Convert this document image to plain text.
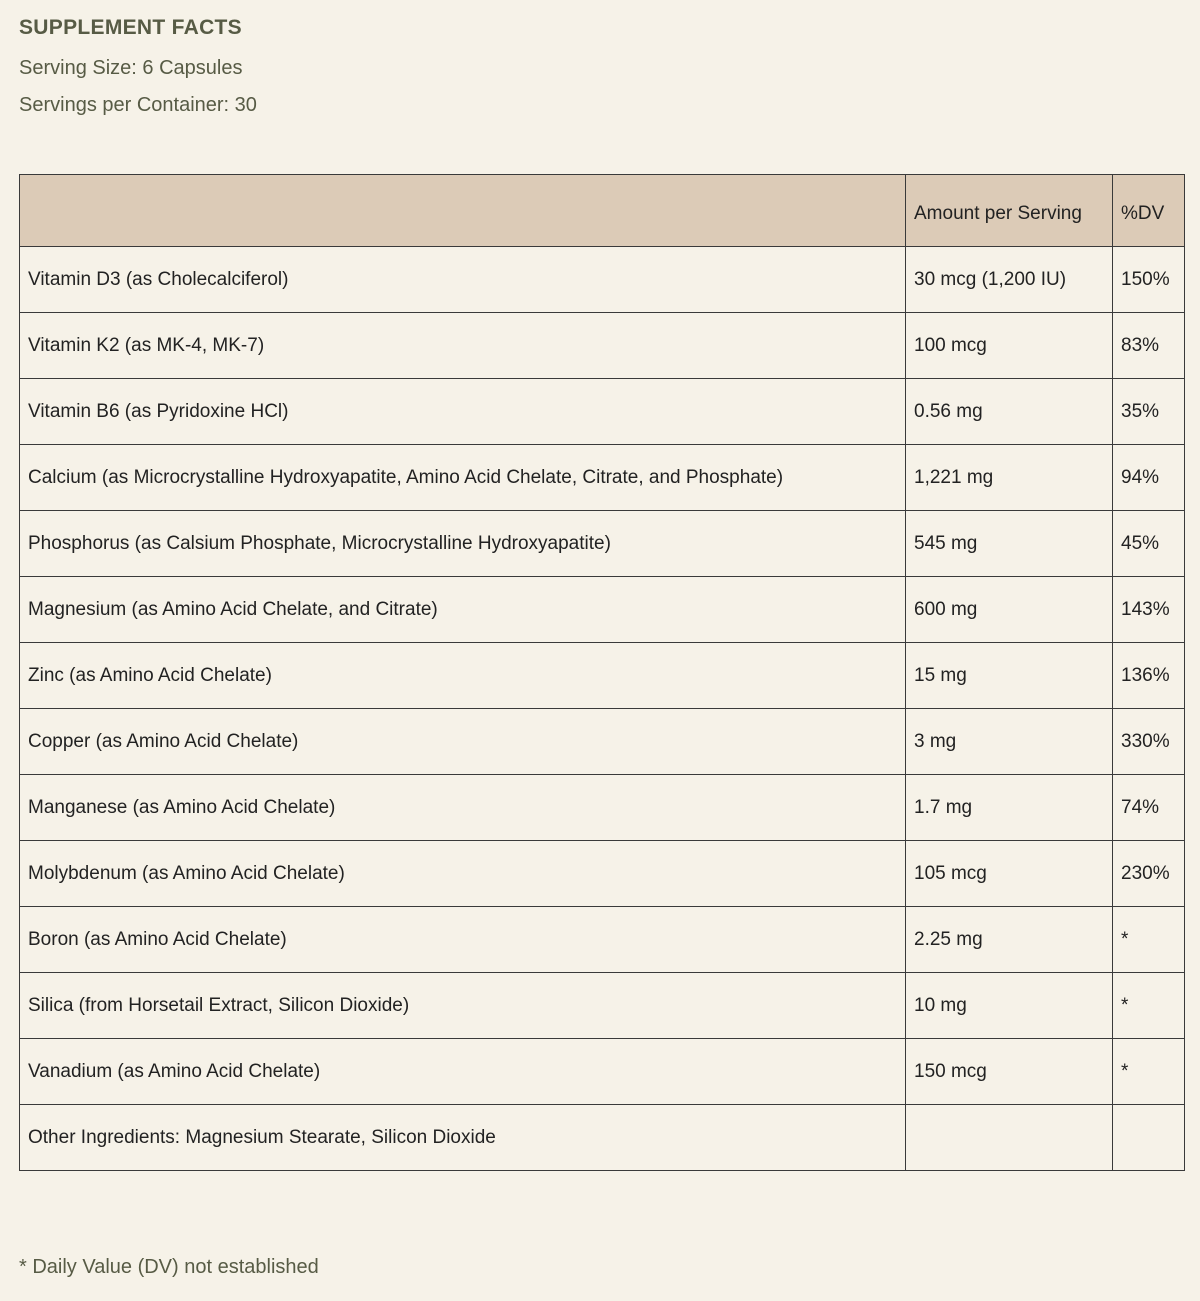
SUPPLEMENT FACTS
Serving Size: 6 Capsules
Servings per Container: 30
	Amount per Serving	%DV
Vitamin D3 (as Cholecalciferol)	30 mcg (1,200 IU)	150%
Vitamin K2 (as MK-4, MK-7)	100 mcg	83%
Vitamin B6 (as Pyridoxine HCl)	0.56 mg	35%
Calcium (as Microcrystalline Hydroxyapatite, Amino Acid Chelate, Citrate, and Phosphate)	1,221 mg	94%
Phosphorus (as Calsium Phosphate, Microcrystalline Hydroxyapatite)	545 mg	45%
Magnesium (as Amino Acid Chelate, and Citrate)	600 mg	143%
Zinc (as Amino Acid Chelate)	15 mg	136%
Copper (as Amino Acid Chelate)	3 mg	330%
Manganese (as Amino Acid Chelate)	1.7 mg	74%
Molybdenum (as Amino Acid Chelate)	105 mcg	230%
Boron (as Amino Acid Chelate)	2.25 mg	*
Silica (from Horsetail Extract, Silicon Dioxide)	10 mg	*
Vanadium (as Amino Acid Chelate)	150 mcg	*
Other Ingredients: Magnesium Stearate, Silicon Dioxide		
* Daily Value (DV) not established
